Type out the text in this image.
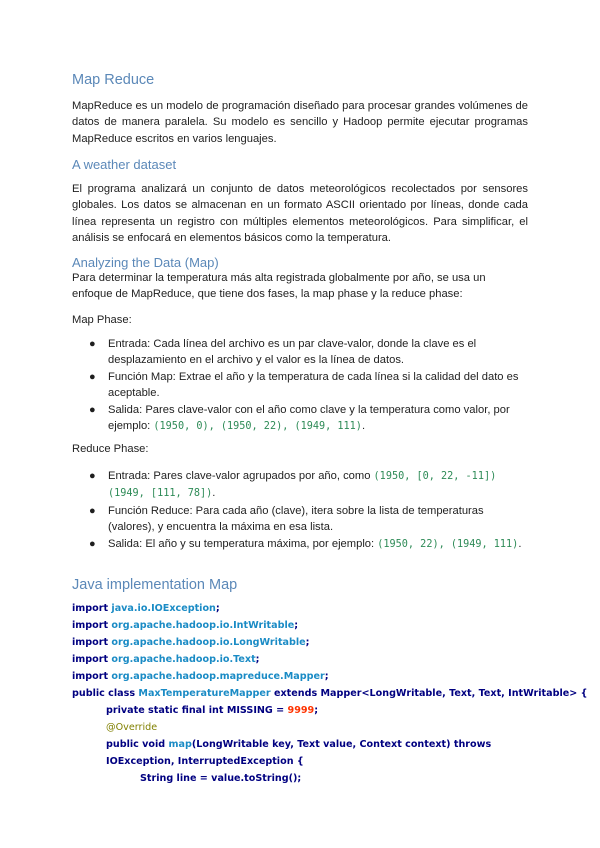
Map Reduce

MapReduce es un modelo de programación diseñado para procesar grandes volúmenes de datos de manera paralela. Su modelo es sencillo y Hadoop permite ejecutar programas MapReduce escritos en varios lenguajes.

A weather dataset

El programa analizará un conjunto de datos meteorológicos recolectados por sensores globales. Los datos se almacenan en un formato ASCII orientado por líneas, donde cada línea representa un registro con múltiples elementos meteorológicos. Para simplificar, el análisis se enfocará en elementos básicos como la temperatura.

Analyzing the Data (Map)

Para determinar la temperatura más alta registrada globalmente por año, se usa un enfoque de MapReduce, que tiene dos fases, la map phase y la reduce phase:

Map Phase:

● Entrada: Cada línea del archivo es un par clave-valor, donde la clave es el desplazamiento en el archivo y el valor es la línea de datos.
● Función Map: Extrae el año y la temperatura de cada línea si la calidad del dato es aceptable.
● Salida: Pares clave-valor con el año como clave y la temperatura como valor, por ejemplo: (1950, 0), (1950, 22), (1949, 111).

Reduce Phase:

● Entrada: Pares clave-valor agrupados por año, como (1950, [0, 22, -11]) (1949, [111, 78]).
● Función Reduce: Para cada año (clave), itera sobre la lista de temperaturas (valores), y encuentra la máxima en esa lista.
● Salida: El año y su temperatura máxima, por ejemplo: (1950, 22), (1949, 111).
Java implementation Map
import java.io.IOException;
import org.apache.hadoop.io.IntWritable;
import org.apache.hadoop.io.LongWritable;
import org.apache.hadoop.io.Text;
import org.apache.hadoop.mapreduce.Mapper;
public class MaxTemperatureMapper extends Mapper<LongWritable, Text, Text, IntWritable> {
private static final int MISSING = 9999;
@Override
public void map(LongWritable key, Text value, Context context) throws
IOException, InterruptedException {
String line = value.toString();
